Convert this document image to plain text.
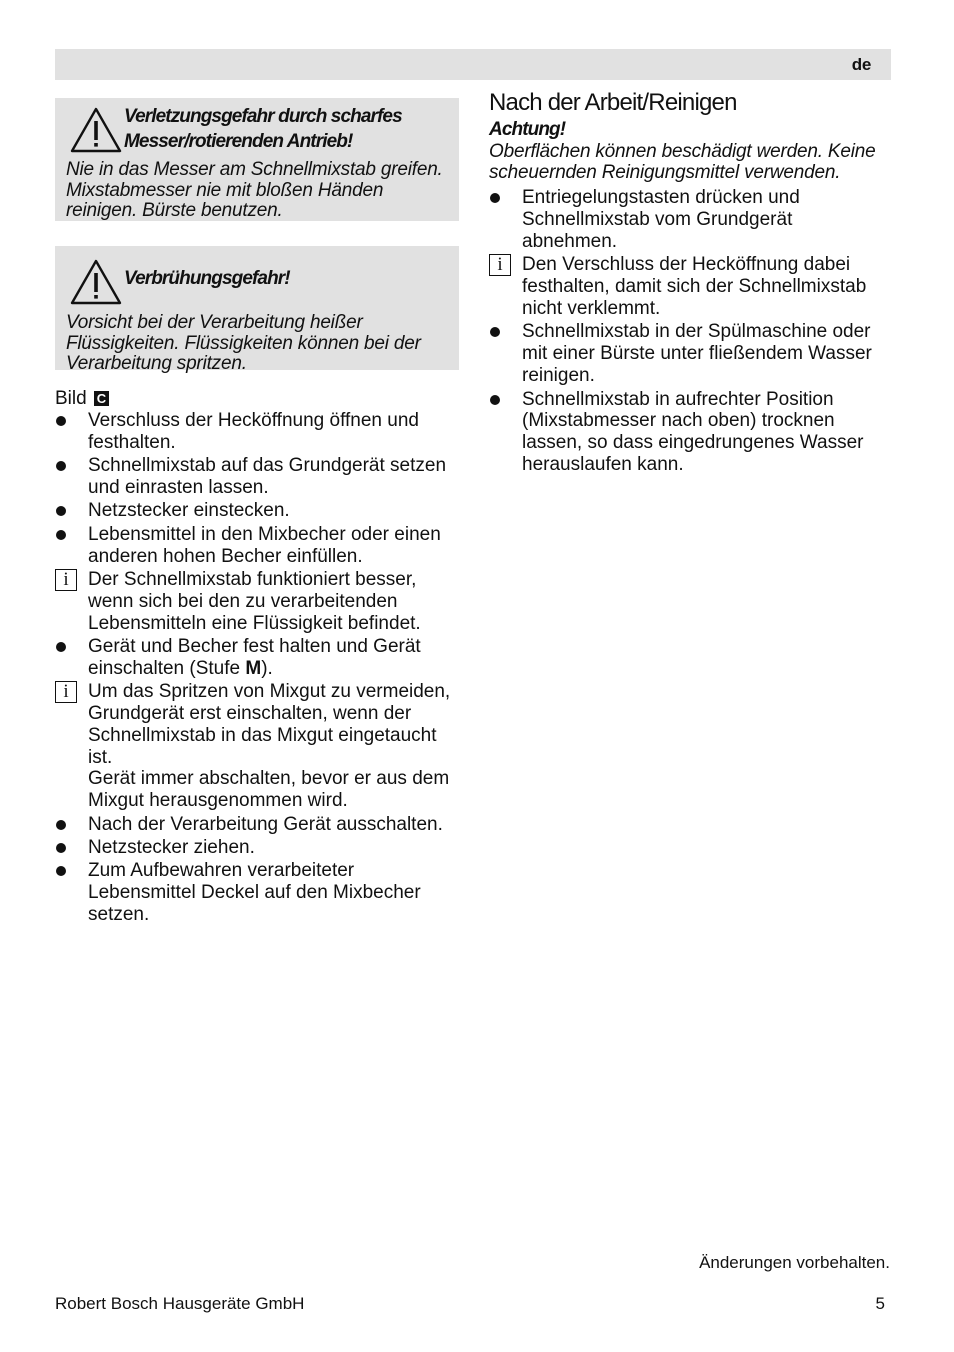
de
Verletzungsgefahr durch scharfes
Messer/rotierenden Antrieb!
Nie in das Messer am Schnellmixstab greifen. Mixstabmesser nie mit bloßen Händen reinigen. Bürste benutzen.
Verbrühungsgefahr!
Vorsicht bei der Verarbeitung heißer Flüssigkeiten. Flüssigkeiten können bei der Verarbeitung spritzen.
Bild C
Verschluss der Hecköffnung öffnen und festhalten.
Schnellmixstab auf das Grundgerät setzen und einrasten lassen.
Netzstecker einstecken.
Lebensmittel in den Mixbecher oder einen anderen hohen Becher einfüllen.
i	Der Schnellmixstab funktioniert besser, wenn sich bei den zu verarbeitenden Lebensmitteln eine Flüssigkeit befindet.
Gerät und Becher fest halten und Gerät einschalten (Stufe M).
i	Um das Spritzen von Mixgut zu vermeiden, Grundgerät erst einschalten, wenn der Schnellmixstab in das Mixgut eingetaucht ist.
Gerät immer abschalten, bevor er aus dem Mixgut herausgenommen wird.
Nach der Verarbeitung Gerät ausschalten.
Netzstecker ziehen.
Zum Aufbewahren verarbeiteter Lebensmittel Deckel auf den Mixbecher setzen.
Nach der Arbeit/Reinigen
Achtung!
Oberflächen können beschädigt werden. Keine scheuernden Reinigungsmittel verwenden.
Entriegelungstasten drücken und Schnellmixstab vom Grundgerät abnehmen.
i	Den Verschluss der Hecköffnung dabei festhalten, damit sich der Schnellmixstab nicht verklemmt.
Schnellmixstab in der Spülmaschine oder mit einer Bürste unter fließendem Wasser reinigen.
Schnellmixstab in aufrechter Position (Mixstabmesser nach oben) trocknen lassen, so dass eingedrungenes Wasser herauslaufen kann.
Änderungen vorbehalten.
Robert Bosch Hausgeräte GmbH	5
